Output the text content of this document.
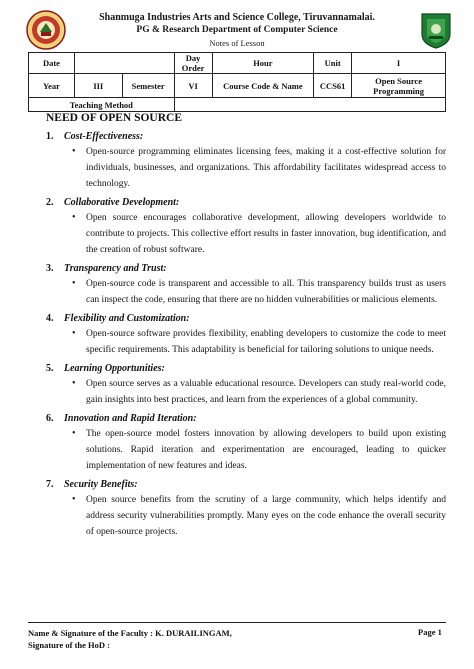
Shanmuga Industries Arts and Science College, Tiruvannamalai.
PG & Research Department of Computer Science
Notes of Lesson
Date			Day Order	Hour	Unit	I
Year	III	Semester	VI	Course Code & Name	CCS61	Open Source Programming
Teaching Method						
NEED OF OPEN SOURCE
1.	Cost-Effectiveness:
•	Open-source programming eliminates licensing fees, making it a cost-effective solution for individuals, businesses, and organizations. This affordability facilitates widespread access to technology.
2.	Collaborative Development:
•	Open source encourages collaborative development, allowing developers worldwide to contribute to projects. This collective effort results in faster innovation, bug identification, and the creation of robust software.
3.	Transparency and Trust:
•	Open-source code is transparent and accessible to all. This transparency builds trust as users can inspect the code, ensuring that there are no hidden vulnerabilities or malicious elements.
4.	Flexibility and Customization:
•	Open-source software provides flexibility, enabling developers to customize the code to meet specific requirements. This adaptability is beneficial for tailoring solutions to unique needs.
5.	Learning Opportunities:
•	Open source serves as a valuable educational resource. Developers can study real-world code, gain insights into best practices, and learn from the experiences of a global community.
6.	Innovation and Rapid Iteration:
•	The open-source model fosters innovation by allowing developers to build upon existing solutions. Rapid iteration and experimentation are encouraged, leading to quicker implementation of new features and ideas.
7.	Security Benefits:
•	Open source benefits from the scrutiny of a large community, which helps identify and address security vulnerabilities promptly. Many eyes on the code enhance the overall security of open-source projects.
Name & Signature of the Faculty : K. DURAILINGAM,
Signature of the HoD :
Page 1
